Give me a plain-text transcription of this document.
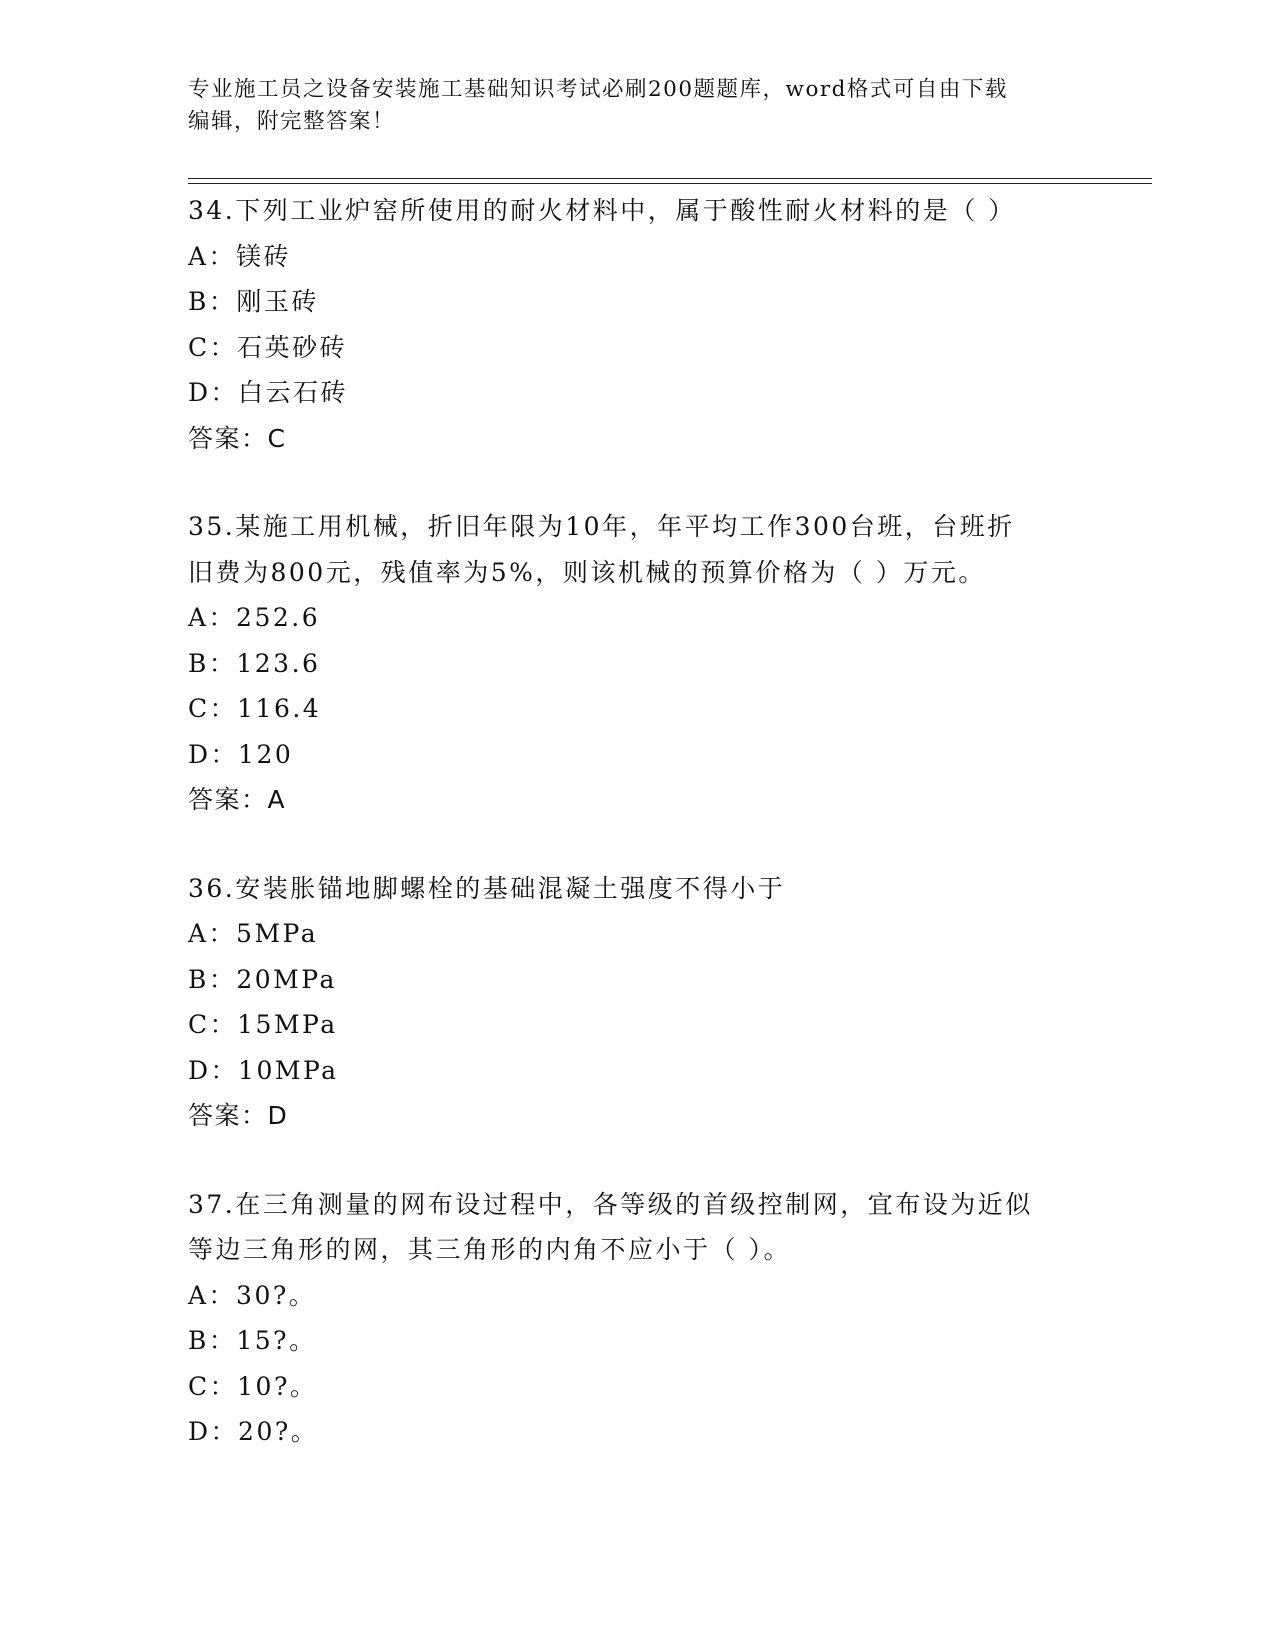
专业施工员之设备安装施工基础知识考试必刷200题题库，word格式可自由下载
编辑，附完整答案！
34.下列工业炉窑所使用的耐火材料中，属于酸性耐火材料的是（ ）
A：镁砖
B：刚玉砖
C：石英砂砖
D：白云石砖
答案：C
35.某施工用机械，折旧年限为10年，年平均工作300台班，台班折
旧费为800元，残值率为5%，则该机械的预算价格为（ ）万元。
A：252.6
B：123.6
C：116.4
D：120
答案：A
36.安装胀锚地脚螺栓的基础混凝土强度不得小于
A：5MPa
B：20MPa
C：15MPa
D：10MPa
答案：D
37.在三角测量的网布设过程中，各等级的首级控制网，宜布设为近似
等边三角形的网，其三角形的内角不应小于（ ）。
A：30?。
B：15?。
C：10?。
D：20?。
